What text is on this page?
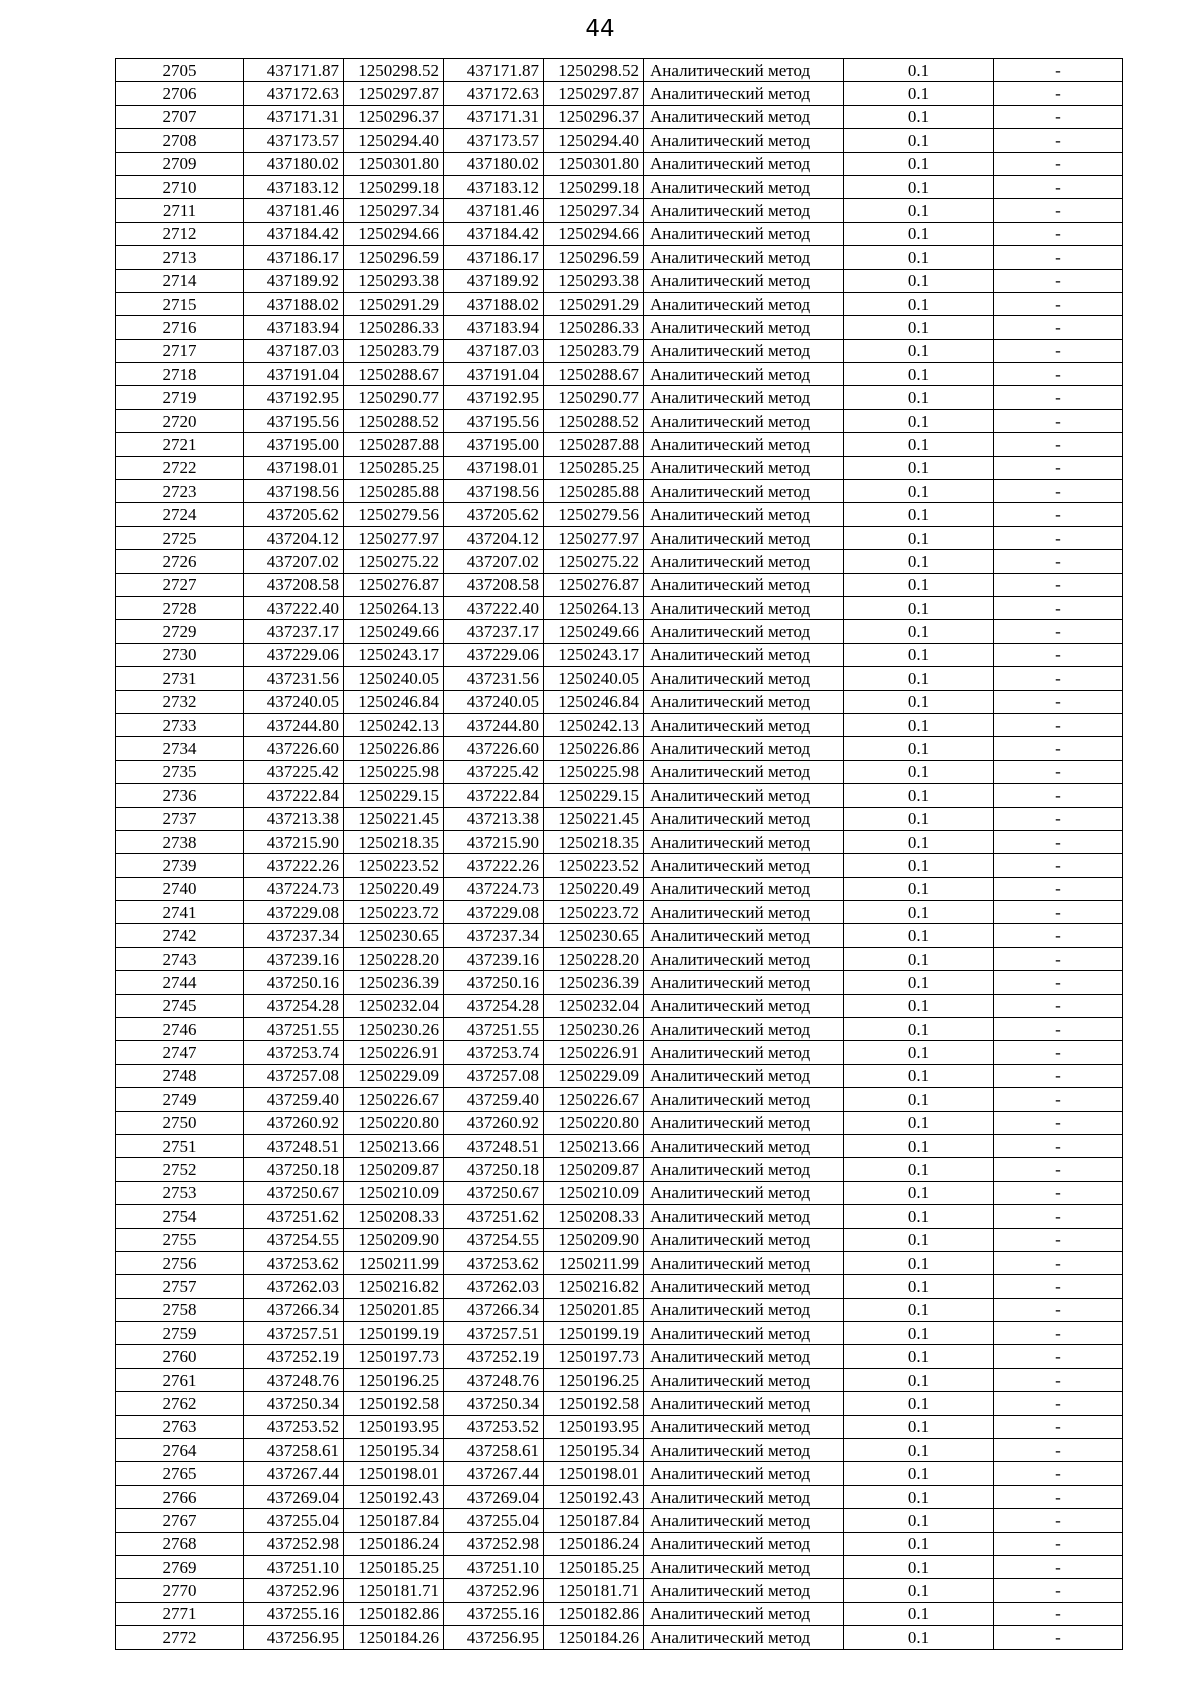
44
2705	437171.87	1250298.52	437171.87	1250298.52	Аналитический метод	0.1	-
2706	437172.63	1250297.87	437172.63	1250297.87	Аналитический метод	0.1	-
2707	437171.31	1250296.37	437171.31	1250296.37	Аналитический метод	0.1	-
2708	437173.57	1250294.40	437173.57	1250294.40	Аналитический метод	0.1	-
2709	437180.02	1250301.80	437180.02	1250301.80	Аналитический метод	0.1	-
2710	437183.12	1250299.18	437183.12	1250299.18	Аналитический метод	0.1	-
2711	437181.46	1250297.34	437181.46	1250297.34	Аналитический метод	0.1	-
2712	437184.42	1250294.66	437184.42	1250294.66	Аналитический метод	0.1	-
2713	437186.17	1250296.59	437186.17	1250296.59	Аналитический метод	0.1	-
2714	437189.92	1250293.38	437189.92	1250293.38	Аналитический метод	0.1	-
2715	437188.02	1250291.29	437188.02	1250291.29	Аналитический метод	0.1	-
2716	437183.94	1250286.33	437183.94	1250286.33	Аналитический метод	0.1	-
2717	437187.03	1250283.79	437187.03	1250283.79	Аналитический метод	0.1	-
2718	437191.04	1250288.67	437191.04	1250288.67	Аналитический метод	0.1	-
2719	437192.95	1250290.77	437192.95	1250290.77	Аналитический метод	0.1	-
2720	437195.56	1250288.52	437195.56	1250288.52	Аналитический метод	0.1	-
2721	437195.00	1250287.88	437195.00	1250287.88	Аналитический метод	0.1	-
2722	437198.01	1250285.25	437198.01	1250285.25	Аналитический метод	0.1	-
2723	437198.56	1250285.88	437198.56	1250285.88	Аналитический метод	0.1	-
2724	437205.62	1250279.56	437205.62	1250279.56	Аналитический метод	0.1	-
2725	437204.12	1250277.97	437204.12	1250277.97	Аналитический метод	0.1	-
2726	437207.02	1250275.22	437207.02	1250275.22	Аналитический метод	0.1	-
2727	437208.58	1250276.87	437208.58	1250276.87	Аналитический метод	0.1	-
2728	437222.40	1250264.13	437222.40	1250264.13	Аналитический метод	0.1	-
2729	437237.17	1250249.66	437237.17	1250249.66	Аналитический метод	0.1	-
2730	437229.06	1250243.17	437229.06	1250243.17	Аналитический метод	0.1	-
2731	437231.56	1250240.05	437231.56	1250240.05	Аналитический метод	0.1	-
2732	437240.05	1250246.84	437240.05	1250246.84	Аналитический метод	0.1	-
2733	437244.80	1250242.13	437244.80	1250242.13	Аналитический метод	0.1	-
2734	437226.60	1250226.86	437226.60	1250226.86	Аналитический метод	0.1	-
2735	437225.42	1250225.98	437225.42	1250225.98	Аналитический метод	0.1	-
2736	437222.84	1250229.15	437222.84	1250229.15	Аналитический метод	0.1	-
2737	437213.38	1250221.45	437213.38	1250221.45	Аналитический метод	0.1	-
2738	437215.90	1250218.35	437215.90	1250218.35	Аналитический метод	0.1	-
2739	437222.26	1250223.52	437222.26	1250223.52	Аналитический метод	0.1	-
2740	437224.73	1250220.49	437224.73	1250220.49	Аналитический метод	0.1	-
2741	437229.08	1250223.72	437229.08	1250223.72	Аналитический метод	0.1	-
2742	437237.34	1250230.65	437237.34	1250230.65	Аналитический метод	0.1	-
2743	437239.16	1250228.20	437239.16	1250228.20	Аналитический метод	0.1	-
2744	437250.16	1250236.39	437250.16	1250236.39	Аналитический метод	0.1	-
2745	437254.28	1250232.04	437254.28	1250232.04	Аналитический метод	0.1	-
2746	437251.55	1250230.26	437251.55	1250230.26	Аналитический метод	0.1	-
2747	437253.74	1250226.91	437253.74	1250226.91	Аналитический метод	0.1	-
2748	437257.08	1250229.09	437257.08	1250229.09	Аналитический метод	0.1	-
2749	437259.40	1250226.67	437259.40	1250226.67	Аналитический метод	0.1	-
2750	437260.92	1250220.80	437260.92	1250220.80	Аналитический метод	0.1	-
2751	437248.51	1250213.66	437248.51	1250213.66	Аналитический метод	0.1	-
2752	437250.18	1250209.87	437250.18	1250209.87	Аналитический метод	0.1	-
2753	437250.67	1250210.09	437250.67	1250210.09	Аналитический метод	0.1	-
2754	437251.62	1250208.33	437251.62	1250208.33	Аналитический метод	0.1	-
2755	437254.55	1250209.90	437254.55	1250209.90	Аналитический метод	0.1	-
2756	437253.62	1250211.99	437253.62	1250211.99	Аналитический метод	0.1	-
2757	437262.03	1250216.82	437262.03	1250216.82	Аналитический метод	0.1	-
2758	437266.34	1250201.85	437266.34	1250201.85	Аналитический метод	0.1	-
2759	437257.51	1250199.19	437257.51	1250199.19	Аналитический метод	0.1	-
2760	437252.19	1250197.73	437252.19	1250197.73	Аналитический метод	0.1	-
2761	437248.76	1250196.25	437248.76	1250196.25	Аналитический метод	0.1	-
2762	437250.34	1250192.58	437250.34	1250192.58	Аналитический метод	0.1	-
2763	437253.52	1250193.95	437253.52	1250193.95	Аналитический метод	0.1	-
2764	437258.61	1250195.34	437258.61	1250195.34	Аналитический метод	0.1	-
2765	437267.44	1250198.01	437267.44	1250198.01	Аналитический метод	0.1	-
2766	437269.04	1250192.43	437269.04	1250192.43	Аналитический метод	0.1	-
2767	437255.04	1250187.84	437255.04	1250187.84	Аналитический метод	0.1	-
2768	437252.98	1250186.24	437252.98	1250186.24	Аналитический метод	0.1	-
2769	437251.10	1250185.25	437251.10	1250185.25	Аналитический метод	0.1	-
2770	437252.96	1250181.71	437252.96	1250181.71	Аналитический метод	0.1	-
2771	437255.16	1250182.86	437255.16	1250182.86	Аналитический метод	0.1	-
2772	437256.95	1250184.26	437256.95	1250184.26	Аналитический метод	0.1	-
